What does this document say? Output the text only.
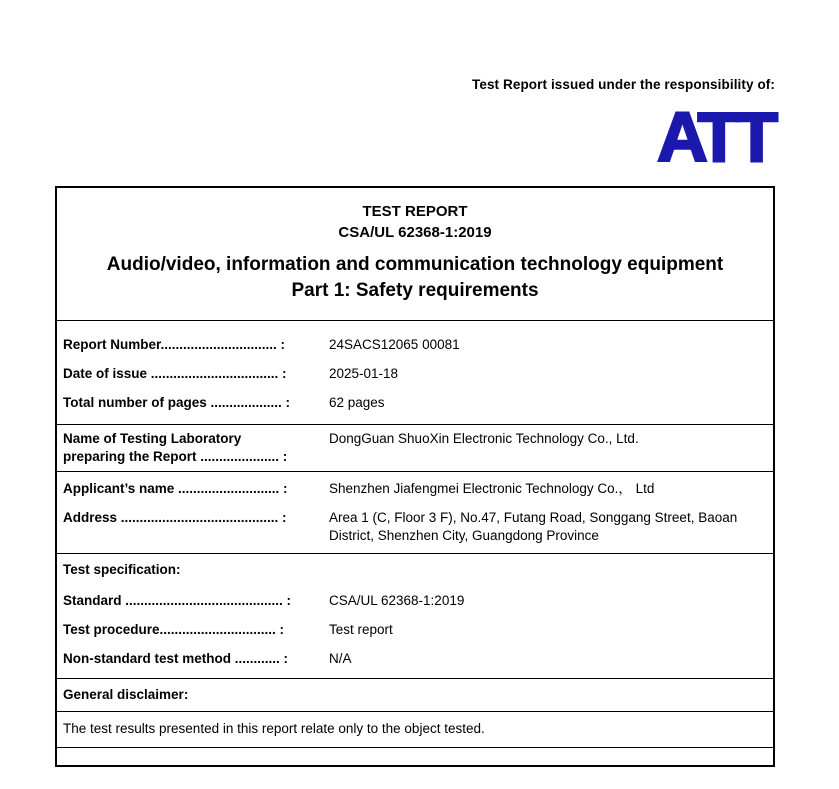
Test Report issued under the responsibility of:
ATT
TEST REPORT
CSA/UL 62368-1:2019
Audio/video, information and communication technology equipment
Part 1: Safety requirements
Report Number............................... :	24SACS12065 00081
Date of issue .................................. :	2025-01-18
Total number of pages ................... :	62 pages
Name of Testing Laboratory
preparing the Report ..................... :
DongGuan ShuoXin Electronic Technology Co., Ltd.
Applicant’s name ........................... :	Shenzhen Jiafengmei Electronic Technology Co.， Ltd
Address .......................................... :	Area 1 (C, Floor 3 F), No.47, Futang Road, Songgang Street, Baoan District, Shenzhen City, Guangdong Province
Test specification:
Standard .......................................... :	CSA/UL 62368-1:2019
Test procedure............................... :	Test report
Non-standard test method ............ :	N/A
General disclaimer:
The test results presented in this report relate only to the object tested.
